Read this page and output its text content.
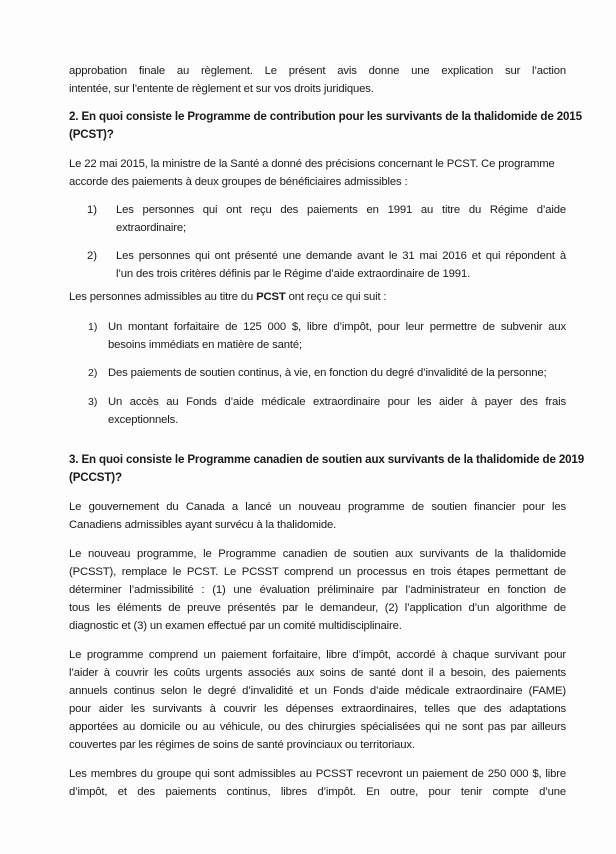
approbation finale au règlement. Le présent avis donne une explication sur l’action
intentée, sur l’entente de règlement et sur vos droits juridiques.
2. En quoi consiste le Programme de contribution pour les survivants de la thalidomide de 2015
(PCST)?
Le 22 mai 2015, la ministre de la Santé a donné des précisions concernant le PCST. Ce programme
accorde des paiements à deux groupes de bénéficiaires admissibles :
1) Les personnes qui ont reçu des paiements en 1991 au titre du Régime d’aide
extraordinaire;
2) Les personnes qui ont présenté une demande avant le 31 mai 2016 et qui répondent à
l’un des trois critères définis par le Régime d’aide extraordinaire de 1991.
Les personnes admissibles au titre du PCST ont reçu ce qui suit :
1) Un montant forfaitaire de 125 000 $, libre d’impôt, pour leur permettre de subvenir aux
besoins immédiats en matière de santé;
2) Des paiements de soutien continus, à vie, en fonction du degré d’invalidité de la personne;
3) Un accès au Fonds d’aide médicale extraordinaire pour les aider à payer des frais
exceptionnels.
3. En quoi consiste le Programme canadien de soutien aux survivants de la thalidomide de 2019
(PCCST)?
Le gouvernement du Canada a lancé un nouveau programme de soutien financier pour les
Canadiens admissibles ayant survécu à la thalidomide.
Le nouveau programme, le Programme canadien de soutien aux survivants de la thalidomide
(PCSST), remplace le PCST. Le PCSST comprend un processus en trois étapes permettant de
déterminer l’admissibilité : (1) une évaluation préliminaire par l’administrateur en fonction de
tous les éléments de preuve présentés par le demandeur, (2) l’application d’un algorithme de
diagnostic et (3) un examen effectué par un comité multidisciplinaire.
Le programme comprend un paiement forfaitaire, libre d’impôt, accordé à chaque survivant pour
l’aider à couvrir les coûts urgents associés aux soins de santé dont il a besoin, des paiements
annuels continus selon le degré d’invalidité et un Fonds d’aide médicale extraordinaire (FAME)
pour aider les survivants à couvrir les dépenses extraordinaires, telles que des adaptations
apportées au domicile ou au véhicule, ou des chirurgies spécialisées qui ne sont pas par ailleurs
couvertes par les régimes de soins de santé provinciaux ou territoriaux.
Les membres du groupe qui sont admissibles au PCSST recevront un paiement de 250 000 $, libre
d’impôt, et des paiements continus, libres d’impôt. En outre, pour tenir compte d’une
